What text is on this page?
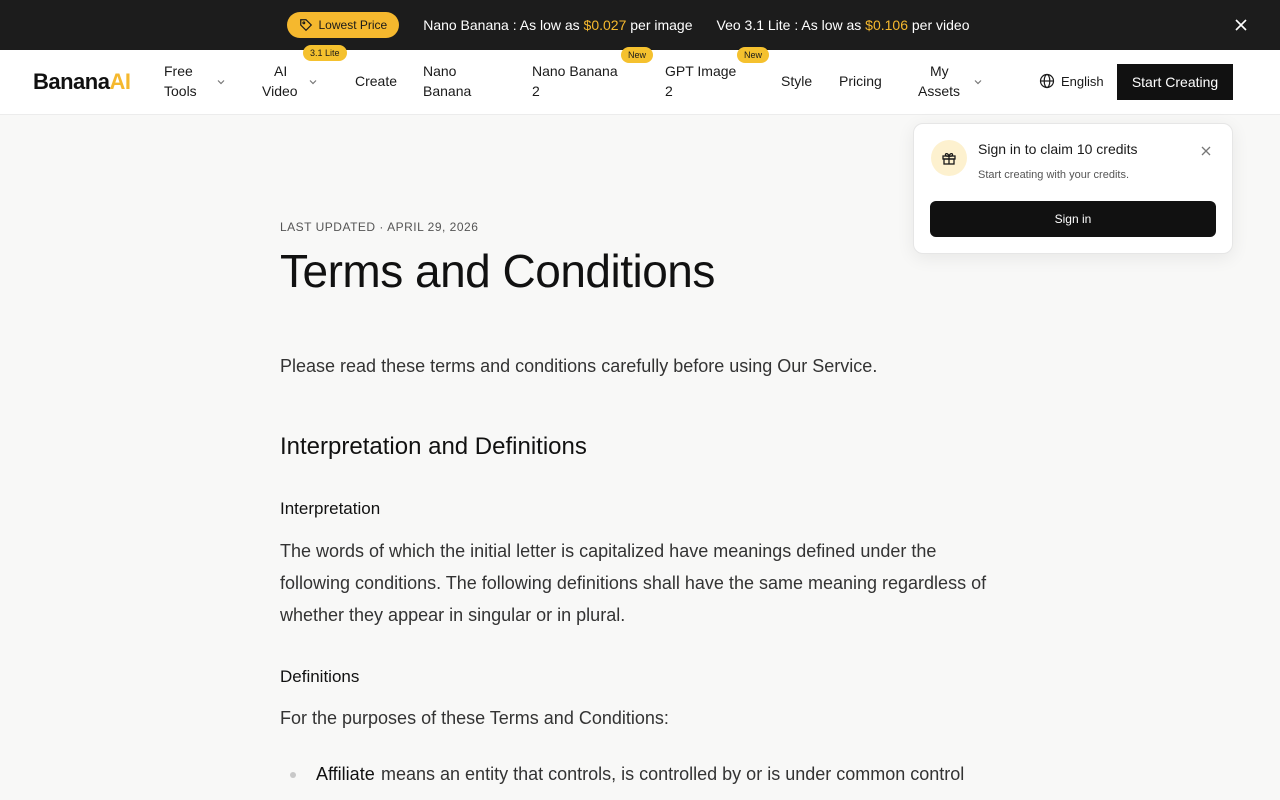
Lowest Price	Nano Banana : As low as $0.027 per image Veo 3.1 Lite : As low as $0.106 per video
BananaAI Free
Tools
AI
Video
3.1 Lite
Create
Nano
Banana
Nano Banana
2
New
GPT Image
2
New
Style Pricing
My
Assets
English	Start Creating
Sign in to claim 10 credits
Start creating with your credits.
Sign in
LAST UPDATED · APRIL 29, 2026
Terms and Conditions
Please read these terms and conditions carefully before using Our Service.
Interpretation and Definitions
Interpretation
The words of which the initial letter is capitalized have meanings defined under the following conditions. The following definitions shall have the same meaning regardless of whether they appear in singular or in plural.
Definitions
For the purposes of these Terms and Conditions:
Affiliate means an entity that controls, is controlled by or is under common control
